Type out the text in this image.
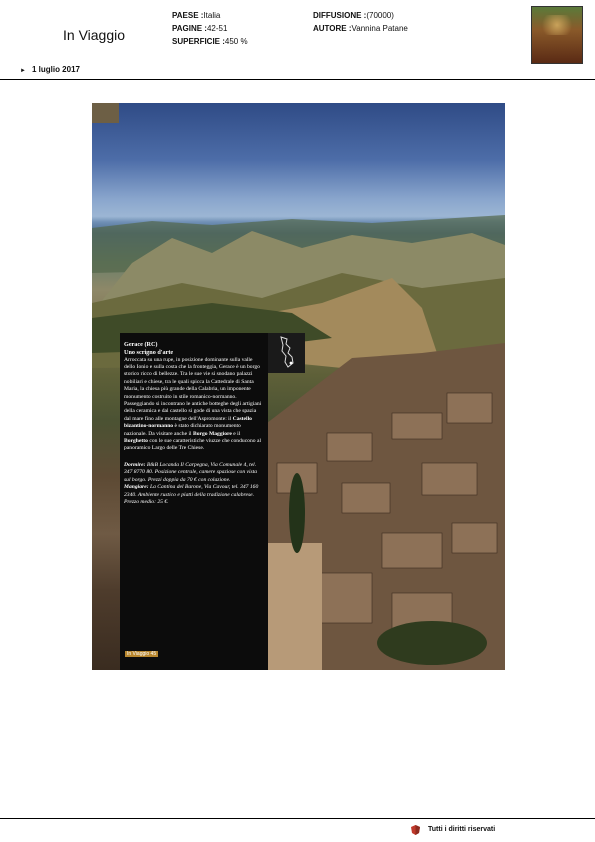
In Viaggio
PAESE :Italia
PAGINE :42-51
SUPERFICIE :450 %
DIFFUSIONE :(70000)
AUTORE :Vannina Patane
► 1 luglio 2017

Gerace (RC)

Uno scrigno d'arte

Arroccata su una rupe, in posizione dominante sulla valle dello Ionio e sulla costa che la fronteggia, Gerace è un borgo storico ricco di bellezze. Tra le sue vie si snodano palazzi nobiliari e chiese, tra le quali spicca la Cattedrale di Santa Maria, la chiesa più grande della Calabria, un imponente monumento costruito in stile romanico-normanno. Passeggiando si incontrano le antiche botteghe degli artigiani della ceramica e dal castello si gode di una vista che spazia dal mare fino alle montagne dell'Aspromonte: il Castello bizantino-normanno è stato dichiarato monumento nazionale. Da visitare anche il Borgo Maggiore e il Borghetto con le sue caratteristiche viuzze che conducono al panoramico Largo delle Tre Chiese.

Dormire: B&B Locanda Il Carpegna, Via Comunale 4, tel. 347 8770 80. Posizione centrale, camere spaziose con vista sul borgo. Prezzi doppia da 70 € con colazione.

Mangiare: La Cantina del Barone, Via Cavour, tel. 347 160 2340. Ambiente rustico e piatti della tradizione calabrese. Prezzo medio: 25 €.

In Viaggio 45
Tutti i diritti riservati
